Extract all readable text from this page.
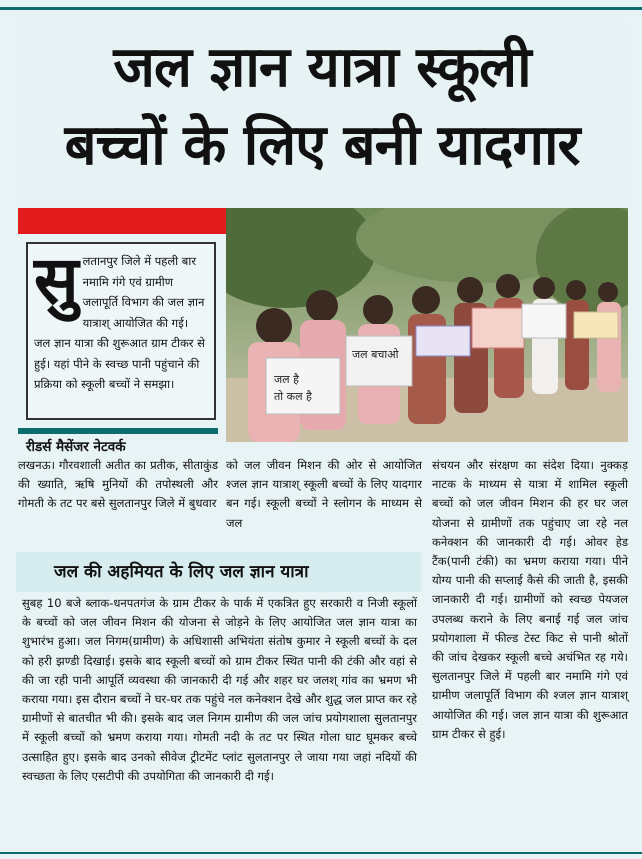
जल ज्ञान यात्रा स्कूली
बच्चों के लिए बनी यादगार
जल है
तो कल है
जल बचाओ
सु लतानपुर जिले में पहली बार नमामि गंगे एवं ग्रामीण जलापूर्ति विभाग की जल ज्ञान यात्राश् आयोजित की गई। जल ज्ञान यात्रा की शुरूआत ग्राम टीकर से हुई। यहां पीने के स्वच्छ पानी पहुंचाने की प्रक्रिया को स्कूली बच्चों ने समझा।
रीडर्स मैसेंजर नेटवर्क
लखनऊ। गौरवशाली अतीत का प्रतीक, सीताकुंड की ख्याति, ऋषि मुनियों की तपोस्थली और गोमती के तट पर बसे सुलतानपुर जिले में बुधवार
को जल जीवन मिशन की ओर से आयोजित श्जल ज्ञान यात्राश् स्कूली बच्चों के लिए यादगार बन गई। स्कूली बच्चों ने स्लोगन के माध्यम से जल
संचयन और संरक्षण का संदेश दिया। नुक्कड़ नाटक के माध्यम से यात्रा में शामिल स्कूली बच्चों को जल जीवन मिशन की हर घर जल योजना से ग्रामीणों तक पहुंचाए जा रहे नल कनेक्शन की जानकारी दी गई। ओवर हेड टैंक(पानी टंकी) का भ्रमण कराया गया। पीने योग्य पानी की सप्लाई कैसे की जाती है, इसकी जानकारी दी गई। ग्रामीणों को स्वच्छ पेयजल उपलब्ध कराने के लिए बनाई गई जल जांच प्रयोगशाला में फील्ड टेस्ट किट से पानी श्रोतों की जांच देखकर स्कूली बच्चे अचंभित रह गये। सुलतानपुर जिले में पहली बार नमामि गंगे एवं ग्रामीण जलापूर्ति विभाग की श्जल ज्ञान यात्राश् आयोजित की गई। जल ज्ञान यात्रा की शुरूआत ग्राम टीकर से हुई।
जल की अहमियत के लिए जल ज्ञान यात्रा
सुबह 10 बजे ब्लाक-धनपतगंज के ग्राम टीकर के पार्क में एकत्रित हुए सरकारी व निजी स्कूलों के बच्चों को जल जीवन मिशन की योजना से जोड़ने के लिए आयोजित जल ज्ञान यात्रा का शुभारंभ हुआ। जल निगम(ग्रामीण) के अधिशासी अभियंता संतोष कुमार ने स्कूली बच्चों के दल को हरी झण्डी दिखाई। इसके बाद स्कूली बच्चों को ग्राम टीकर स्थित पानी की टंकी और वहां से की जा रही पानी आपूर्ति व्यवस्था की जानकारी दी गई और शहर घर जलश् गांव का भ्रमण भी कराया गया। इस दौरान बच्चों ने घर-घर तक पहुंचे नल कनेक्शन देखे और शुद्ध जल प्राप्त कर रहे ग्रामीणों से बातचीत भी की। इसके बाद जल निगम ग्रामीण की जल जांच प्रयोगशाला सुलतानपुर में स्कूली बच्चों को भ्रमण कराया गया। गोमती नदी के तट पर स्थित गोला घाट घूमकर बच्चे उत्साहित हुए। इसके बाद उनको सीवेज ट्रीटमेंट प्लांट सुलतानपुर ले जाया गया जहां नदियों की स्वच्छता के लिए एसटीपी की उपयोगिता की जानकारी दी गई।
